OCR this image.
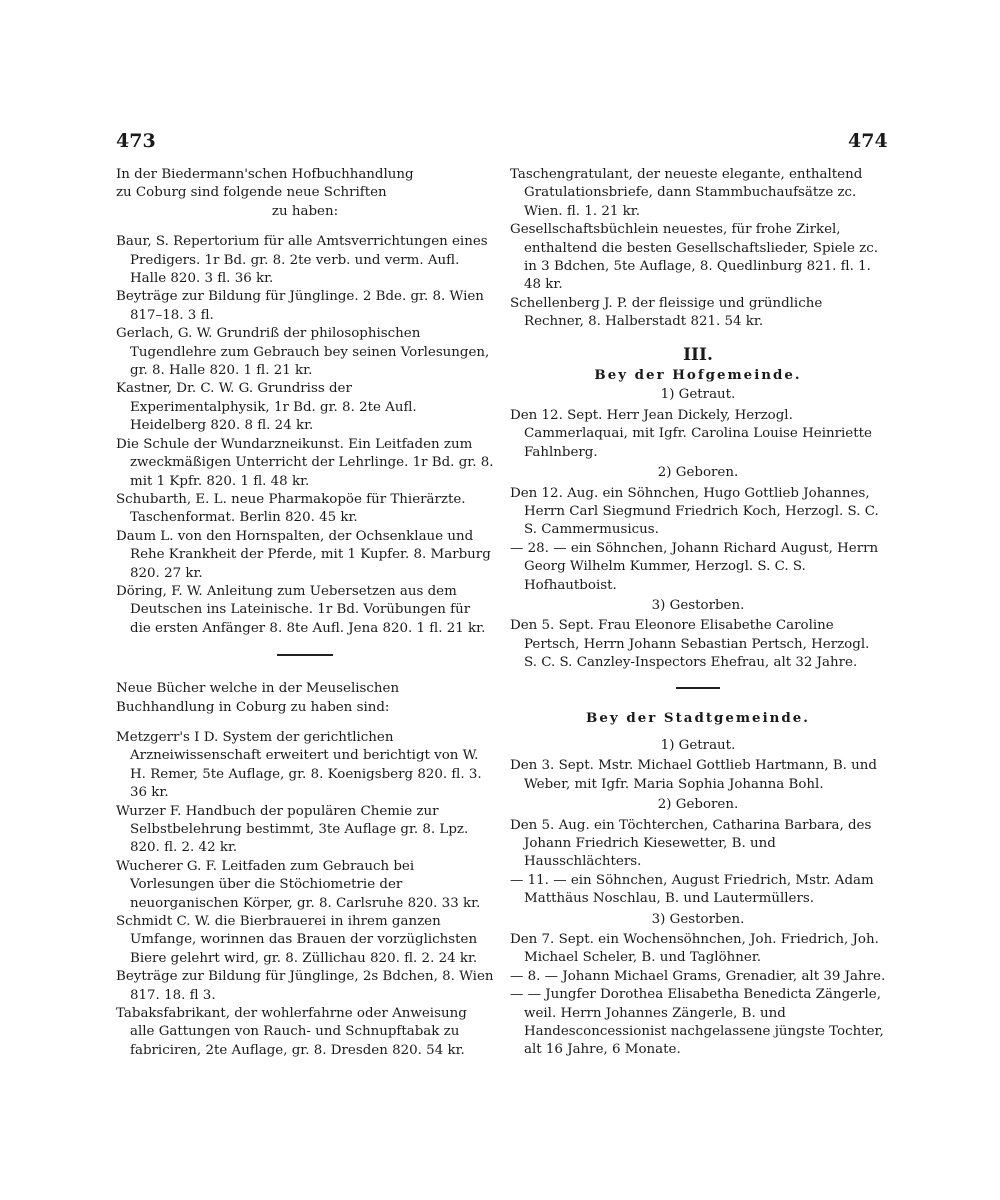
473	474
In der Biedermann'schen Hofbuchhandlung
zu Coburg sind folgende neue Schriften
zu haben:

Baur, S. Repertorium für alle Amtsverrichtungen eines Predigers. 1r Bd. gr. 8. 2te verb. und verm. Aufl. Halle 820. 3 fl. 36 kr.

Beyträge zur Bildung für Jünglinge. 2 Bde. gr. 8. Wien 817–18. 3 fl.

Gerlach, G. W. Grundriß der philosophischen Tugendlehre zum Gebrauch bey seinen Vorlesungen, gr. 8. Halle 820. 1 fl. 21 kr.

Kastner, Dr. C. W. G. Grundriss der Experimentalphysik, 1r Bd. gr. 8. 2te Aufl. Heidelberg 820. 8 fl. 24 kr.

Die Schule der Wundarzneikunst. Ein Leitfaden zum zweckmäßigen Unterricht der Lehrlinge. 1r Bd. gr. 8. mit 1 Kpfr. 820. 1 fl. 48 kr.

Schubarth, E. L. neue Pharmakopöe für Thierärzte. Taschenformat. Berlin 820. 45 kr.

Daum L. von den Hornspalten, der Ochsenklaue und Rehe Krankheit der Pferde, mit 1 Kupfer. 8. Marburg 820. 27 kr.

Döring, F. W. Anleitung zum Uebersetzen aus dem Deutschen ins Lateinische. 1r Bd. Vorübungen für die ersten Anfänger 8. 8te Aufl. Jena 820. 1 fl. 21 kr.

Neue Bücher welche in der Meuselischen
Buchhandlung in Coburg zu haben sind:

Metzgerr's I D. System der gerichtlichen Arzneiwissenschaft erweitert und berichtigt von W. H. Remer, 5te Auflage, gr. 8. Koenigsberg 820. fl. 3. 36 kr.

Wurzer F. Handbuch der populären Chemie zur Selbstbelehrung bestimmt, 3te Auflage gr. 8. Lpz. 820. fl. 2. 42 kr.

Wucherer G. F. Leitfaden zum Gebrauch bei Vorlesungen über die Stöchiometrie der neuorganischen Körper, gr. 8. Carlsruhe 820. 33 kr.

Schmidt C. W. die Bierbrauerei in ihrem ganzen Umfange, worinnen das Brauen der vorzüglichsten Biere gelehrt wird, gr. 8. Züllichau 820. fl. 2. 24 kr.

Beyträge zur Bildung für Jünglinge, 2s Bdchen, 8. Wien 817. 18. fl 3.

Tabaksfabrikant, der wohlerfahrne oder Anweisung alle Gattungen von Rauch- und Schnupftabak zu fabriciren, 2te Auflage, gr. 8. Dresden 820. 54 kr.

Taschengratulant, der neueste elegante, enthaltend Gratulationsbriefe, dann Stammbuchaufsätze zc. Wien. fl. 1. 21 kr.

Gesellschaftsbüchlein neuestes, für frohe Zirkel, enthaltend die besten Gesellschaftslieder, Spiele zc. in 3 Bdchen, 5te Auflage, 8. Quedlinburg 821. fl. 1. 48 kr.

Schellenberg J. P. der fleissige und gründliche Rechner, 8. Halberstadt 821. 54 kr.

III.
Bey der Hofgemeinde.
1) Getraut.

Den 12. Sept. Herr Jean Dickely, Herzogl. Cammerlaquai, mit Igfr. Carolina Louise Heinriette Fahlnberg.

2) Geboren.

Den 12. Aug. ein Söhnchen, Hugo Gottlieb Johannes, Herrn Carl Siegmund Friedrich Koch, Herzogl. S. C. S. Cammermusicus.

— 28. — ein Söhnchen, Johann Richard August, Herrn Georg Wilhelm Kummer, Herzogl. S. C. S. Hofhautboist.

3) Gestorben.

Den 5. Sept. Frau Eleonore Elisabethe Caroline Pertsch, Herrn Johann Sebastian Pertsch, Herzogl. S. C. S. Canzley-Inspectors Ehefrau, alt 32 Jahre.

Bey der Stadtgemeinde.
1) Getraut.

Den 3. Sept. Mstr. Michael Gottlieb Hartmann, B. und Weber, mit Igfr. Maria Sophia Johanna Bohl.

2) Geboren.

Den 5. Aug. ein Töchterchen, Catharina Barbara, des Johann Friedrich Kiesewetter, B. und Hausschlächters.

— 11. — ein Söhnchen, August Friedrich, Mstr. Adam Matthäus Noschlau, B. und Lautermüllers.

3) Gestorben.

Den 7. Sept. ein Wochensöhnchen, Joh. Friedrich, Joh. Michael Scheler, B. und Taglöhner.

— 8. — Johann Michael Grams, Grenadier, alt 39 Jahre.

— — Jungfer Dorothea Elisabetha Benedicta Zängerle, weil. Herrn Johannes Zängerle, B. und Handesconcessionist nachgelassene jüngste Tochter, alt 16 Jahre, 6 Monate.
